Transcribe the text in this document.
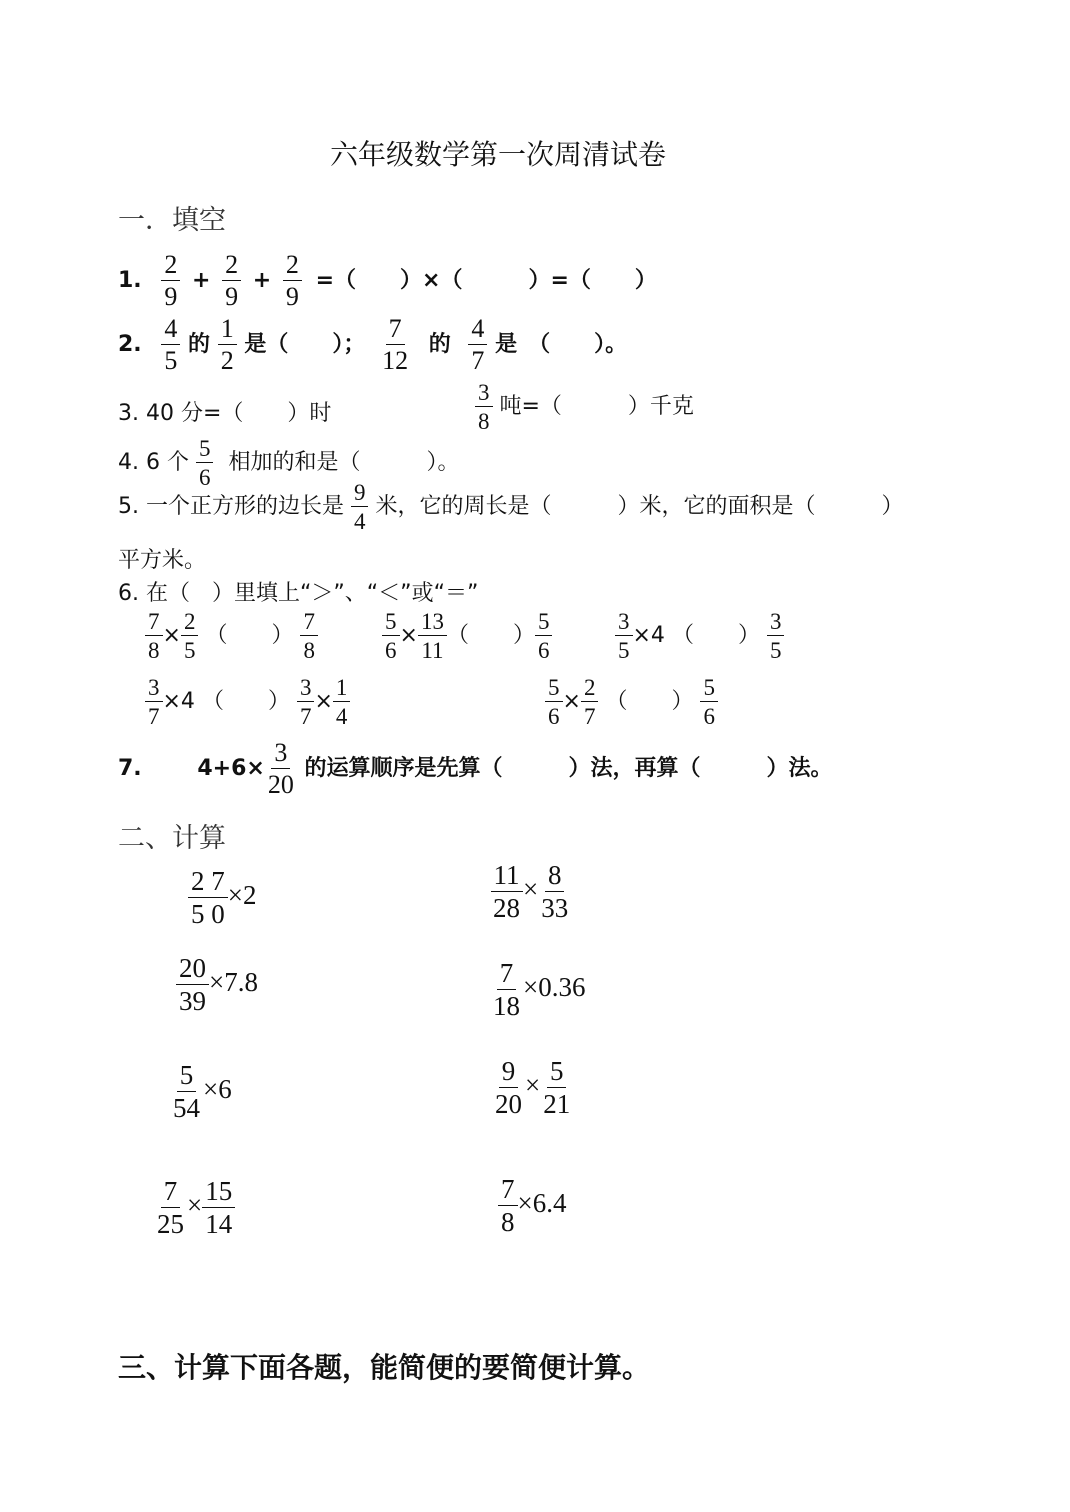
六年级数学第一次周清试卷
一．填空
1. $\frac{2}{9} + \frac{2}{9} + \frac{2}{9}$ =（　　）×（　　　）=（　　）
2. $\frac{4}{5}$ 的 $\frac{1}{2}$ 是（　　）； $\frac{7}{12}$ 的 $\frac{4}{7}$ 是　（　　）。
3. 40 分=（　　）时	$\frac{3}{8}$ 吨=（　　　）千克
4. 6 个 $\frac{5}{6}$ 相加的和是（　　　）。
5. 一个正方形的边长是 $\frac{9}{4}$ 米，它的周长是（　　　）米，它的面积是（　　　）
平方米。
6. 在（　）里填上“＞”、“＜”或“＝”
$\frac{7}{8} \times \frac{2}{5}$ （　　） $\frac{7}{8}$	$\frac{5}{6} \times \frac{13}{11}$ （　　） $\frac{5}{6}$	$\frac{3}{5} \times 4$ （　　） $\frac{3}{5}$
$\frac{3}{7} \times 4$ （　　） $\frac{3}{7} \times \frac{1}{4}$	$\frac{5}{6} \times \frac{2}{7}$ （　　） $\frac{5}{6}$
7.	$4+6\times \frac{3}{20}$ 的运算顺序是先算（　　　）法，再算（　　　）法。
二、计算
$\frac{2 7}{5 0} \times 2$	$\frac{11}{28} \times \frac{8}{33}$
$\frac{20}{39} \times 7.8$	$\frac{7}{18} \times 0.36$
$\frac{5}{54} \times 6$	$\frac{9}{20} \times \frac{5}{21}$
$\frac{7}{25} \times \frac{15}{14}$	$\frac{7}{8} \times 6.4$
三、计算下面各题，能简便的要简便计算。
